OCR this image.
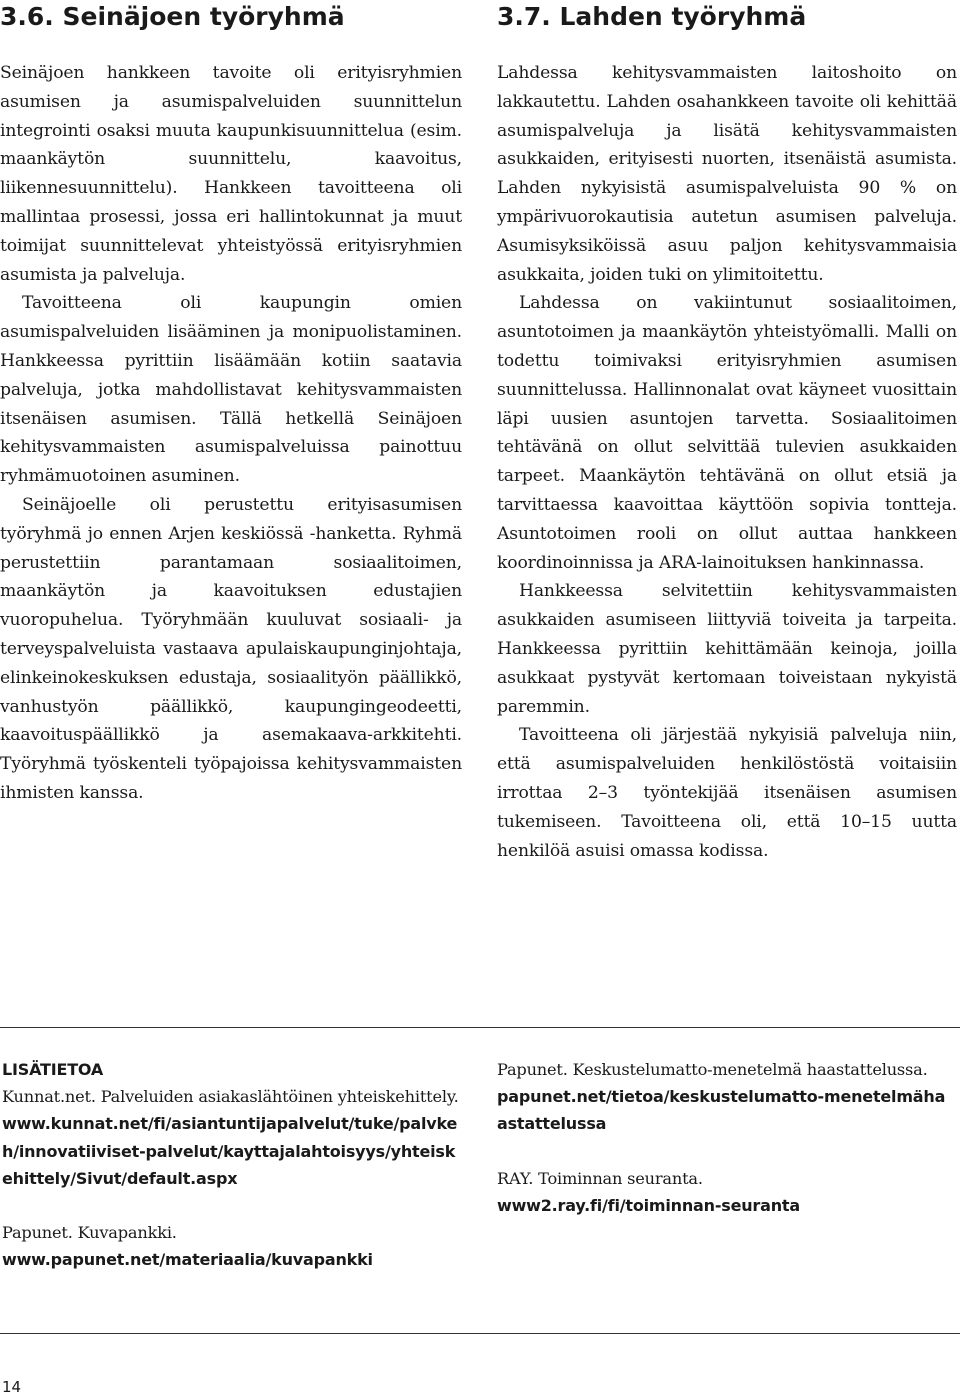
3.6. Seinäjoen työryhmä

Seinäjoen hankkeen tavoite oli erityisryhmien asumisen ja asumispalveluiden suunnittelun integrointi osaksi muuta kaupunkisuunnittelua (esim. maankäytön suunnittelu, kaavoitus, liikennesuunnittelu). Hankkeen tavoitteena oli mallintaa prosessi, jossa eri hallintokunnat ja muut toimijat suunnittelevat yhteistyössä erityisryhmien asumista ja palveluja.

Tavoitteena oli kaupungin omien asumispalveluiden lisääminen ja monipuolistaminen. Hankkeessa pyrittiin lisäämään kotiin saatavia palveluja, jotka mahdollistavat kehitysvammaisten itsenäisen asumisen. Tällä hetkellä Seinäjoen kehitysvammaisten asumispalveluissa painottuu ryhmämuotoinen asuminen.

Seinäjoelle oli perustettu erityisasumisen työryhmä jo ennen Arjen keskiössä -hanketta. Ryhmä perustettiin parantamaan sosiaalitoimen, maankäytön ja kaavoituksen edustajien vuoropuhelua. Työryhmään kuuluvat sosiaali- ja terveyspalveluista vastaava apulaiskaupunginjohtaja, elinkeinokeskuksen edustaja, sosiaalityön päällikkö, vanhustyön päällikkö, kaupungingeodeetti, kaavoituspäällikkö ja asemakaava-arkkitehti. Työryhmä työskenteli työpajoissa kehitysvammaisten ihmisten kanssa.

3.7. Lahden työryhmä

Lahdessa kehitysvammaisten laitoshoito on lakkautettu. Lahden osahankkeen tavoite oli kehittää asumispalveluja ja lisätä kehitysvammaisten asukkaiden, erityisesti nuorten, itsenäistä asumista. Lahden nykyisistä asumispalveluista 90 % on ympärivuorokautisia autetun asumisen palveluja. Asumisyksiköissä asuu paljon kehitysvammaisia asukkaita, joiden tuki on ylimitoitettu.

Lahdessa on vakiintunut sosiaalitoimen, asuntotoimen ja maankäytön yhteistyömalli. Malli on todettu toimivaksi erityisryhmien asumisen suunnittelussa. Hallinnonalat ovat käyneet vuosittain läpi uusien asuntojen tarvetta. Sosiaalitoimen tehtävänä on ollut selvittää tulevien asukkaiden tarpeet. Maankäytön tehtävänä on ollut etsiä ja tarvittaessa kaavoittaa käyttöön sopivia tontteja. Asuntotoimen rooli on ollut auttaa hankkeen koordinoinnissa ja ARA-lainoituksen hankinnassa.

Hankkeessa selvitettiin kehitysvammaisten asukkaiden asumiseen liittyviä toiveita ja tarpeita. Hankkeessa pyrittiin kehittämään keinoja, joilla asukkaat pystyvät kertomaan toiveistaan nykyistä paremmin.

Tavoitteena oli järjestää nykyisiä palveluja niin, että asumispalveluiden henkilöstöstä voitaisiin irrottaa 2–3 työntekijää itsenäisen asumisen tukemiseen. Tavoitteena oli, että 10–15 uutta henkilöä asuisi omassa kodissa.

LISÄTIETOA

Kunnat.net. Palveluiden asiakaslähtöinen yhteiskehittely.

www.kunnat.net/fi/asiantuntijapalvelut/tuke/palvkeh/innovatiiviset-palvelut/kayttajalahtoisyys/yhteiskehittely/Sivut/default.aspx

Papunet. Kuvapankki.

www.papunet.net/materiaalia/kuvapankki

Papunet. Keskustelumatto-menetelmä haastattelussa.

papunet.net/tietoa/keskustelumatto-menetelmähaastattelussa

RAY. Toiminnan seuranta.

www2.ray.fi/fi/toiminnan-seuranta

14
